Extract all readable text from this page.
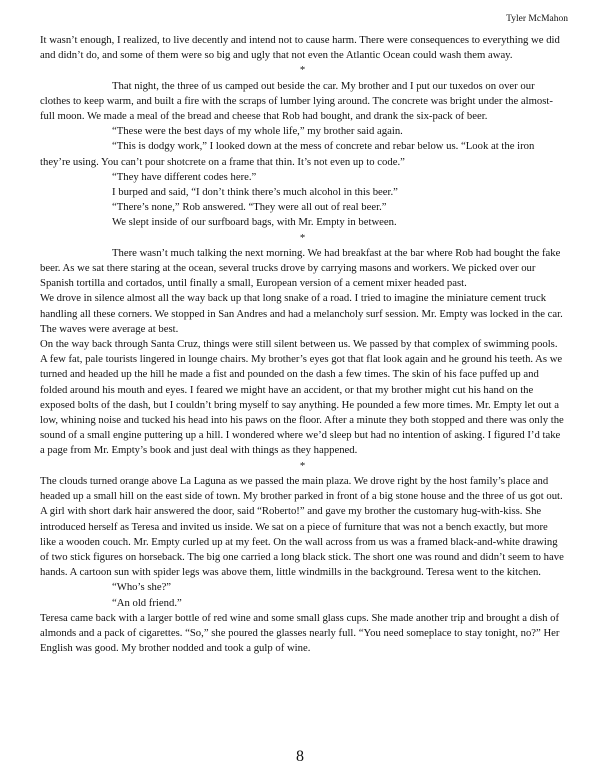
Tyler McMahon

It wasn’t enough, I realized, to live decently and intend not to cause harm. There were consequences to everything we did and didn’t do, and some of them were so big and ugly that not even the Atlantic Ocean could wash them away.

*

That night, the three of us camped out beside the car. My brother and I put our tuxedos on over our clothes to keep warm, and built a fire with the scraps of lumber lying around. The concrete was bright under the almost-full moon. We made a meal of the bread and cheese that Rob had bought, and drank the six-pack of beer.

“These were the best days of my whole life,” my brother said again.

“This is dodgy work,” I looked down at the mess of concrete and rebar below us. “Look at the iron they’re using. You can’t pour shotcrete on a frame that thin. It’s not even up to code.”

“They have different codes here.”

I burped and said, “I don’t think there’s much alcohol in this beer.”

“There’s none,” Rob answered. “They were all out of real beer.”

We slept inside of our surfboard bags, with Mr. Empty in between.

*

There wasn’t much talking the next morning. We had breakfast at the bar where Rob had bought the fake beer. As we sat there staring at the ocean, several trucks drove by carrying masons and workers. We picked over our Spanish tortilla and cortados, until finally a small, European version of a cement mixer headed past.

We drove in silence almost all the way back up that long snake of a road. I tried to imagine the miniature cement truck handling all these corners. We stopped in San Andres and had a melancholy surf session. Mr. Empty was locked in the car. The waves were average at best.

On the way back through Santa Cruz, things were still silent between us. We passed by that complex of swimming pools. A few fat, pale tourists lingered in lounge chairs. My brother’s eyes got that flat look again and he ground his teeth. As we turned and headed up the hill he made a fist and pounded on the dash a few times. The skin of his face puffed up and folded around his mouth and eyes. I feared we might have an accident, or that my brother might cut his hand on the exposed bolts of the dash, but I couldn’t bring myself to say anything. He pounded a few more times. Mr. Empty let out a low, whining noise and tucked his head into his paws on the floor. After a minute they both stopped and there was only the sound of a small engine puttering up a hill. I wondered where we’d sleep but had no intention of asking. I figured I’d take a page from Mr. Empty’s book and just deal with things as they happened.

*

The clouds turned orange above La Laguna as we passed the main plaza. We drove right by the host family’s place and headed up a small hill on the east side of town. My brother parked in front of a big stone house and the three of us got out.

A girl with short dark hair answered the door, said “Roberto!” and gave my brother the customary hug-with-kiss. She introduced herself as Teresa and invited us inside. We sat on a piece of furniture that was not a bench exactly, but more like a wooden couch. Mr. Empty curled up at my feet. On the wall across from us was a framed black-and-white drawing of two stick figures on horseback. The big one carried a long black stick. The short one was round and didn’t seem to have hands. A cartoon sun with spider legs was above them, little windmills in the background. Teresa went to the kitchen.

“Who’s she?”

“An old friend.”

Teresa came back with a larger bottle of red wine and some small glass cups. She made another trip and brought a dish of almonds and a pack of cigarettes. “So,” she poured the glasses nearly full. “You need someplace to stay tonight, no?” Her English was good. My brother nodded and took a gulp of wine.

8
